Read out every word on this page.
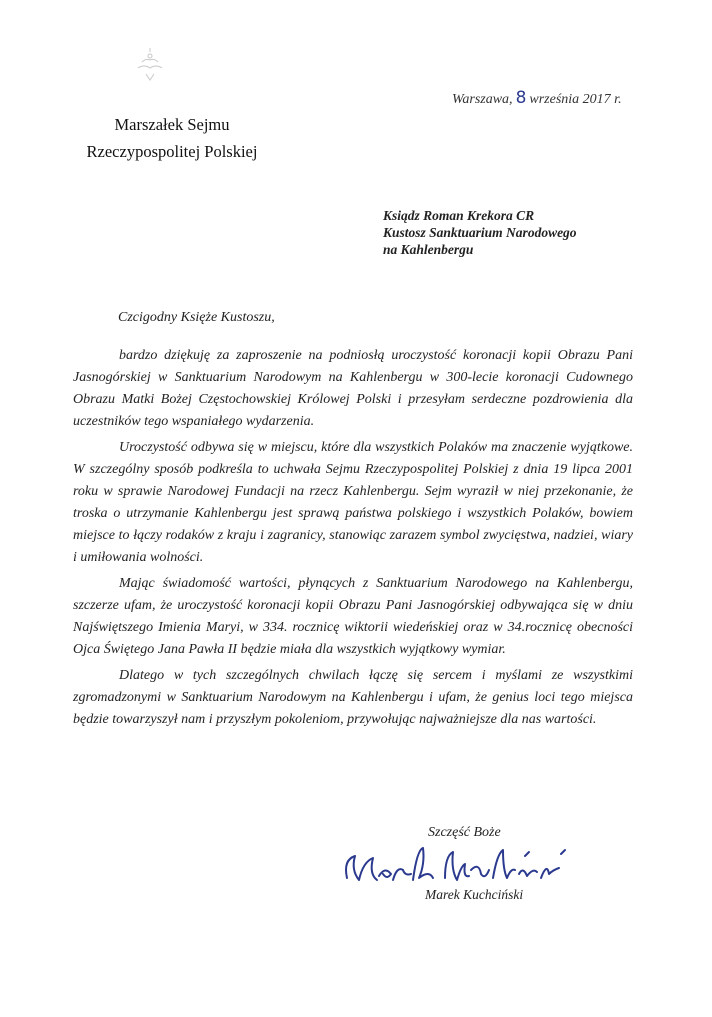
Marszałek Sejmu
Rzeczypospolitej Polskiej
Warszawa, 8 września 2017 r.
Ksiądz Roman Krekora CR
Kustosz Sanktuarium Narodowego
na Kahlenbergu
Czcigodny Księże Kustoszu,

bardzo dziękuję za zaproszenie na podniosłą uroczystość koronacji kopii Obrazu Pani Jasnogórskiej w Sanktuarium Narodowym na Kahlenbergu w 300-lecie koronacji Cudownego Obrazu Matki Bożej Częstochowskiej Królowej Polski i przesyłam serdeczne pozdrowienia dla uczestników tego wspaniałego wydarzenia.

Uroczystość odbywa się w miejscu, które dla wszystkich Polaków ma znaczenie wyjątkowe. W szczególny sposób podkreśla to uchwała Sejmu Rzeczypospolitej Polskiej z dnia 19 lipca 2001 roku w sprawie Narodowej Fundacji na rzecz Kahlenbergu. Sejm wyraził w niej przekonanie, że troska o utrzymanie Kahlenbergu jest sprawą państwa polskiego i wszystkich Polaków, bowiem miejsce to łączy rodaków z kraju i zagranicy, stanowiąc zarazem symbol zwycięstwa, nadziei, wiary i umiłowania wolności.

Mając świadomość wartości, płynących z Sanktuarium Narodowego na Kahlenbergu, szczerze ufam, że uroczystość koronacji kopii Obrazu Pani Jasnogórskiej odbywająca się w dniu Najświętszego Imienia Maryi, w 334. rocznicę wiktorii wiedeńskiej oraz w 34.rocznicę obecności Ojca Świętego Jana Pawła II będzie miała dla wszystkich wyjątkowy wymiar.

Dlatego w tych szczególnych chwilach łączę się sercem i myślami ze wszystkimi zgromadzonymi w Sanktuarium Narodowym na Kahlenbergu i ufam, że genius loci tego miejsca będzie towarzyszył nam i przyszłym pokoleniom, przywołując najważniejsze dla nas wartości.

Szczęść Boże
Marek Kuchciński
